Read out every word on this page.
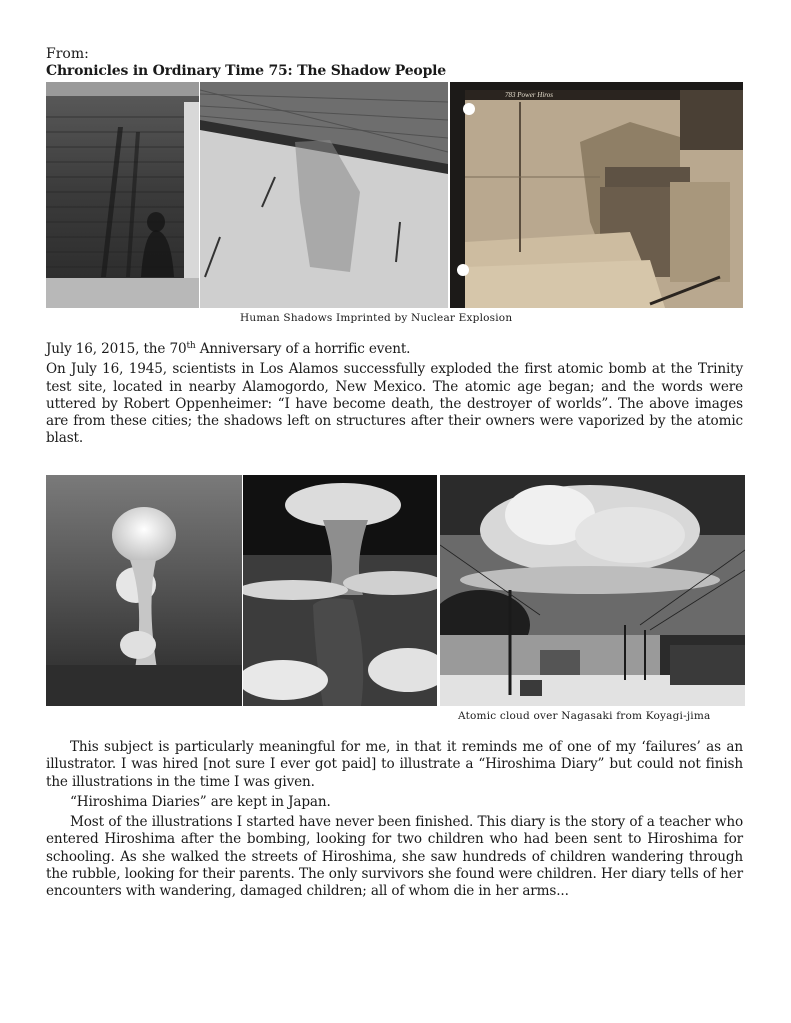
From:
Chronicles in Ordinary Time 75: The Shadow People
783 Power Hiros
Human Shadows Imprinted by Nuclear Explosion

July 16, 2015, the 70th Anniversary of a horrific event.

On July 16, 1945, scientists in Los Alamos successfully exploded the first atomic bomb at the Trinity test site, located in nearby Alamogordo, New Mexico. The atomic age began; and the words were uttered by Robert Oppenheimer: “I have become death, the destroyer of worlds”. The above images are from these cities; the shadows left on structures after their owners were vaporized by the atomic blast.

Atomic cloud over Nagasaki from Koyagi-jima

This subject is particularly meaningful for me, in that it reminds me of one of my ‘failures’ as an illustrator. I was hired [not sure I ever got paid] to illustrate a “Hiroshima Diary” but could not finish the illustrations in the time I was given.

“Hiroshima Diaries” are kept in Japan.

Most of the illustrations I started have never been finished. This diary is the story of a teacher who entered Hiroshima after the bombing, looking for two children who had been sent to Hiroshima for schooling. As she walked the streets of Hiroshima, she saw hundreds of children wandering through the rubble, looking for their parents. The only survivors she found were children. Her diary tells of her encounters with wandering, damaged children; all of whom die in her arms...
